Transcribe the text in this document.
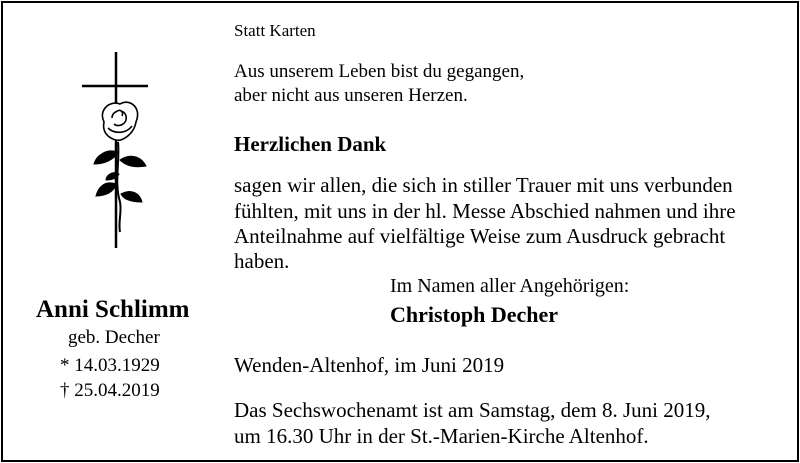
Anni Schlimm
geb. Decher
* 14.03.1929
† 25.04.2019
Statt Karten
Aus unserem Leben bist du gegangen,
aber nicht aus unseren Herzen.
Herzlichen Dank
sagen wir allen, die sich in stiller Trauer mit uns verbunden
fühlten, mit uns in der hl. Messe Abschied nahmen und ihre
Anteilnahme auf vielfältige Weise zum Ausdruck gebracht
haben.
Im Namen aller Angehörigen:
Christoph Decher
Wenden-Altenhof, im Juni 2019
Das Sechswochenamt ist am Samstag, dem 8. Juni 2019,
um 16.30 Uhr in der St.-Marien-Kirche Altenhof.
